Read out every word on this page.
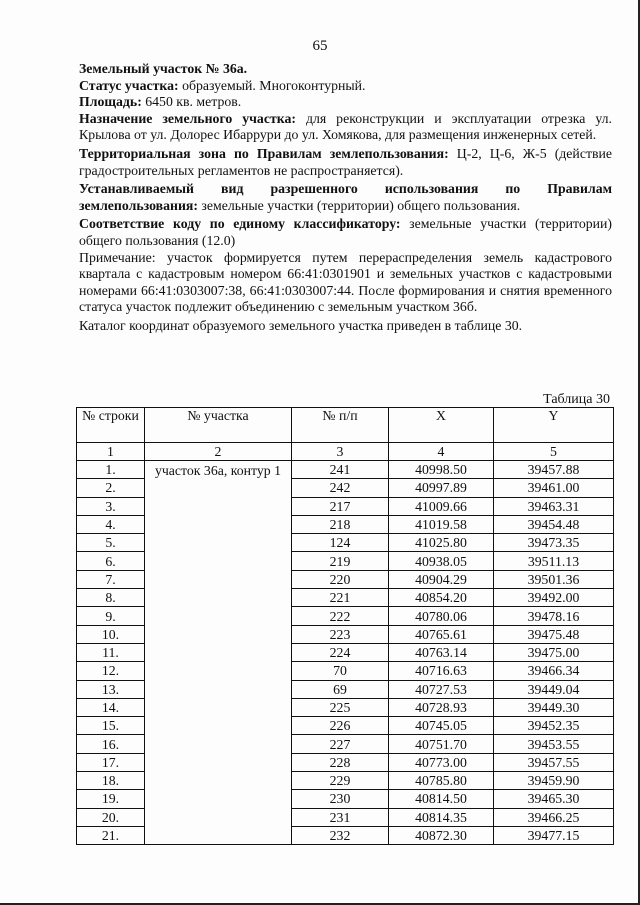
65

Земельный участок № 36а.

Статус участка: образуемый. Многоконтурный.

Площадь: 6450 кв. метров.

Назначение земельного участка: для реконструкции и эксплуатации отрезка ул. Крылова от ул. Долорес Ибаррури до ул. Хомякова, для размещения инженерных сетей.

Территориальная зона по Правилам землепользования: Ц-2, Ц-6, Ж-5 (действие градостроительных регламентов не распространяется).

Устанавливаемый вид разрешенного использования по Правилам землепользования: земельные участки (территории) общего пользования.

Соответствие коду по единому классификатору: земельные участки (территории) общего пользования (12.0)

Примечание: участок формируется путем перераспределения земель кадастрового квартала с кадастровым номером 66:41:0301901 и земельных участков с кадастровыми номерами 66:41:0303007:38, 66:41:0303007:44. После формирования и снятия временного статуса участок подлежит объединению с земельным участком 36б.

Каталог координат образуемого земельного участка приведен в таблице 30.

Таблица 30
№ строки	№ участка	№ п/п	X	Y
1	2	3	4	5
1.	участок 36а, контур 1	241	40998.50	39457.88
2.		242	40997.89	39461.00
3.		217	41009.66	39463.31
4.		218	41019.58	39454.48
5.		124	41025.80	39473.35
6.		219	40938.05	39511.13
7.		220	40904.29	39501.36
8.		221	40854.20	39492.00
9.		222	40780.06	39478.16
10.		223	40765.61	39475.48
11.		224	40763.14	39475.00
12.		70	40716.63	39466.34
13.		69	40727.53	39449.04
14.		225	40728.93	39449.30
15.		226	40745.05	39452.35
16.		227	40751.70	39453.55
17.		228	40773.00	39457.55
18.		229	40785.80	39459.90
19.		230	40814.50	39465.30
20.		231	40814.35	39466.25
21.		232	40872.30	39477.15
